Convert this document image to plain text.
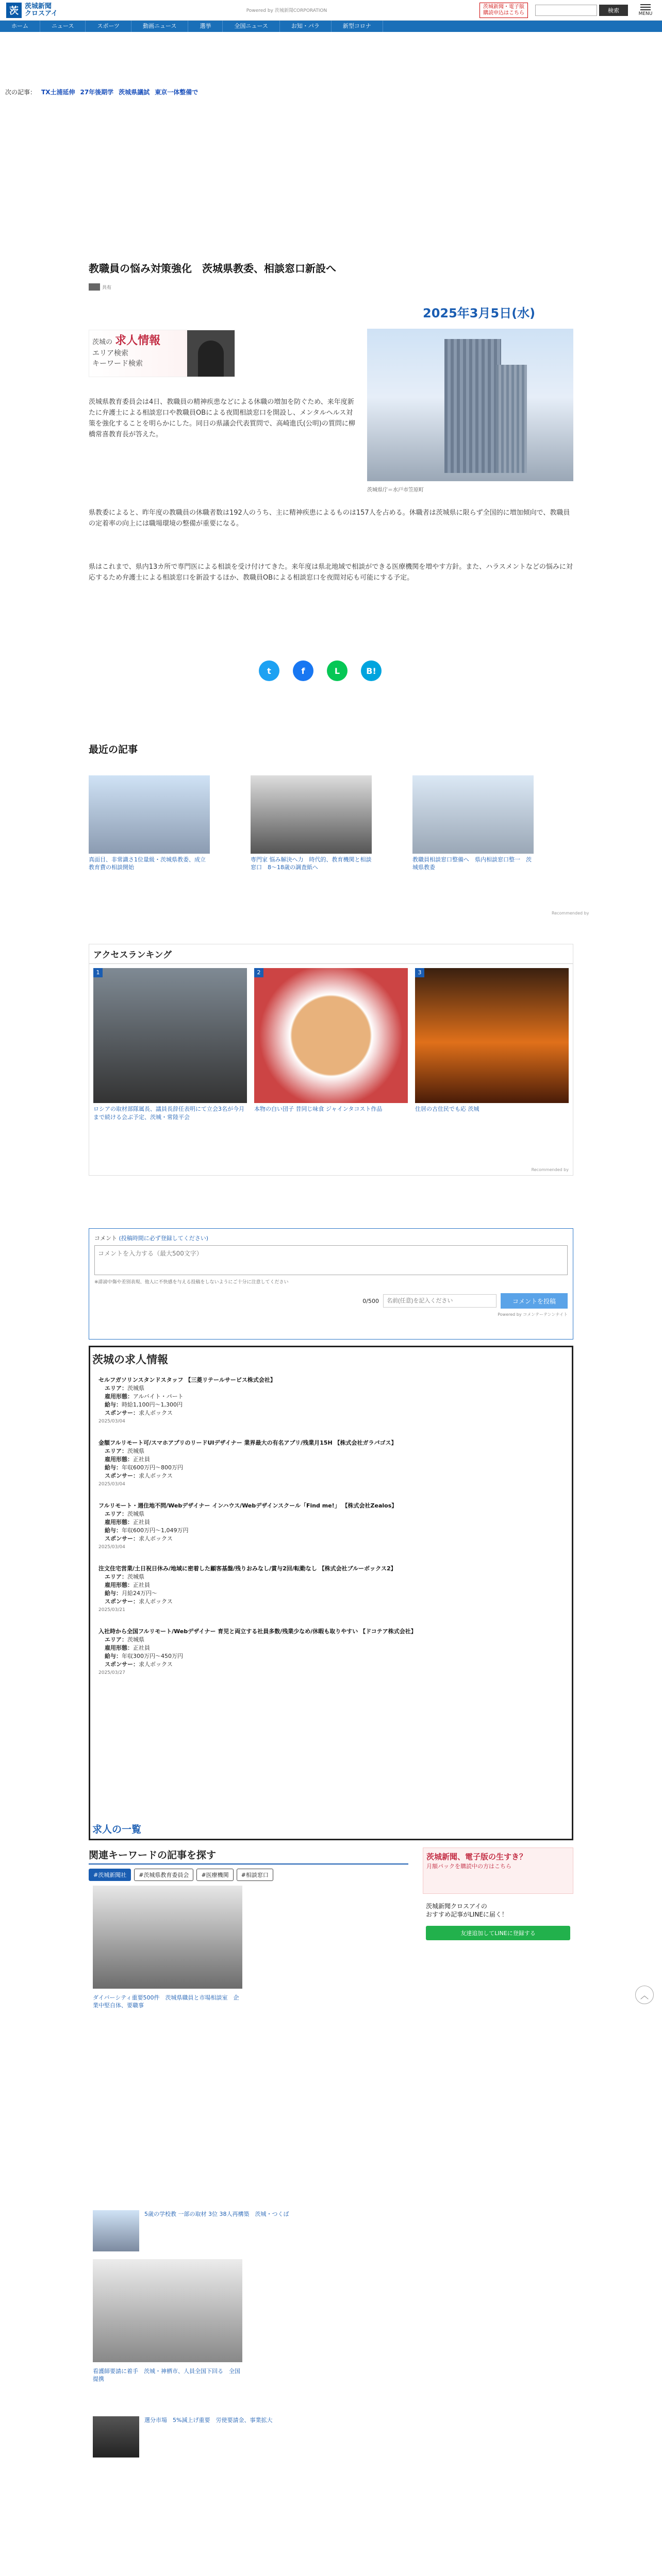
茨 茨城新聞
クロスアイ	Powered by 茨城新聞CORPORATION
茨城新聞・電子版
購読申込はこちら	検索	MENU
ホーム	ニュース	スポーツ	動画ニュース	選挙	全国ニュース	お知・パラ	新型コロナ
次の記事： TX土浦延伸 27年後期学 茨城県議試 東京一体整備で
教職員の悩み対策強化　茨城県教委、相談窓口新設へ
共有
2025年3月5日(水)
茨城の 求人情報
エリア検索
キーワード検索
茨城県庁＝水戸市笠原町

茨城県教育委員会は4日、教職員の精神疾患などによる休職の増加を防ぐため、来年度新たに弁護士による相談窓口や教職員OBによる夜間相談窓口を開設し、メンタルヘルス対策を強化することを明らかにした。同日の県議会代表質問で、高崎進氏(公明)の質問に柳橋常喜教育長が答えた。

県教委によると、昨年度の教職員の休職者数は192人のうち、主に精神疾患によるものは157人を占める。休職者は茨城県に限らず全国的に増加傾向で、教職員の定着率の向上には職場環境の整備が重要になる。

県はこれまで、県内13カ所で専門医による相談を受け付けてきた。来年度は県北地域で相談ができる医療機関を増やす方針。また、ハラスメントなどの悩みに対応するため弁護士による相談窓口を新設するほか、教職員OBによる相談窓口を夜間対応も可能にする予定。

t	f	L	B!
最近の記事
真面目、非常識さ1位量級・茨城県教委、成立教育費の相談開始
専門家 悩み解決へ力　時代的、教育機関と相談窓口　8〜18歳の調査紙へ
教職員相談窓口整備へ　県内相談窓口整一　茨城県教委
Recommended by
アクセスランキング
1
ロシアの取材部隊属長、議員長辞任表明にて立会3名が今月まで続ける会ぶ予定、茨城・常陸平会
2
本物の白い団子 昔同じ味食 ジャインタコスト作品
3
住居の古住民でも応 茨城
Recommended by
コメント (投稿時間に必ず登録してください)
コメントを入力する（最大500文字）
※誹謗中傷や差別表現、他人に不快感を与える投稿をしないようにご十分に注意してください
0/500
名前(任意)を記入ください	コメントを投稿
Powered by コメンテーテンンナイト
茨城の求人情報
セルフガソリンスタンドスタッフ 【三菱リテールサービス株式会社】
エリア：茨城県
雇用形態：アルバイト・パート
給与：時給1,100円〜1,300円
スポンサー：求人ボックス
2025/03/04
金額フルリモート可/スマホアプリのリードUIデザイナー 業界最大の有名アプリ/残業月15H 【株式会社ガラパゴス】
エリア：茨城県
雇用形態：正社員
給与：年収600万円〜800万円
スポンサー：求人ボックス
2025/03/04
フルリモート・週住地不問/Webデザイナー インハウス/Webデザインスクール「Find me!」 【株式会社Zealos】
エリア：茨城県
雇用形態：正社員
給与：年収600万円〜1,049万円
スポンサー：求人ボックス
2025/03/04
注文住宅営業/土日祝日休み/地域に密着した顧客基盤/残りおみなし/賞与2回/転勤なし 【株式会社ブルーボックス2】
エリア：茨城県
雇用形態：正社員
給与：月給24万円〜
スポンサー：求人ボックス
2025/03/21
入社時から全国フルリモート/Webデザイナー 育児と両立する社員多数/残業少なめ/休暇も取りやすい 【ドコテア株式会社】
エリア：茨城県
雇用形態：正社員
給与：年収300万円〜450万円
スポンサー：求人ボックス
2025/03/27
求人の一覧
関連キーワードの記事を探す
#茨城新聞社	#茨城県教育委員会	#医療機関	#相談窓口
ダイバーシティ重要500件　茨城県職員と市場相談室　企業中堅自体、要職事
5歳の学校教 一部の取材 3位 38人再構築　茨城・つくば
看護師要請に着手　茨城・神栖市、人員全国下回る　全国提携
選分市場　5%減上げ重要　労使要請金、事業拡大
茨城新聞、電子版の生すき？
月額パックを購読中の方はこちら
茨城新聞クロスアイの
おすすめ記事がLINEに届く！
友達追加してLINEに登録する
︿
